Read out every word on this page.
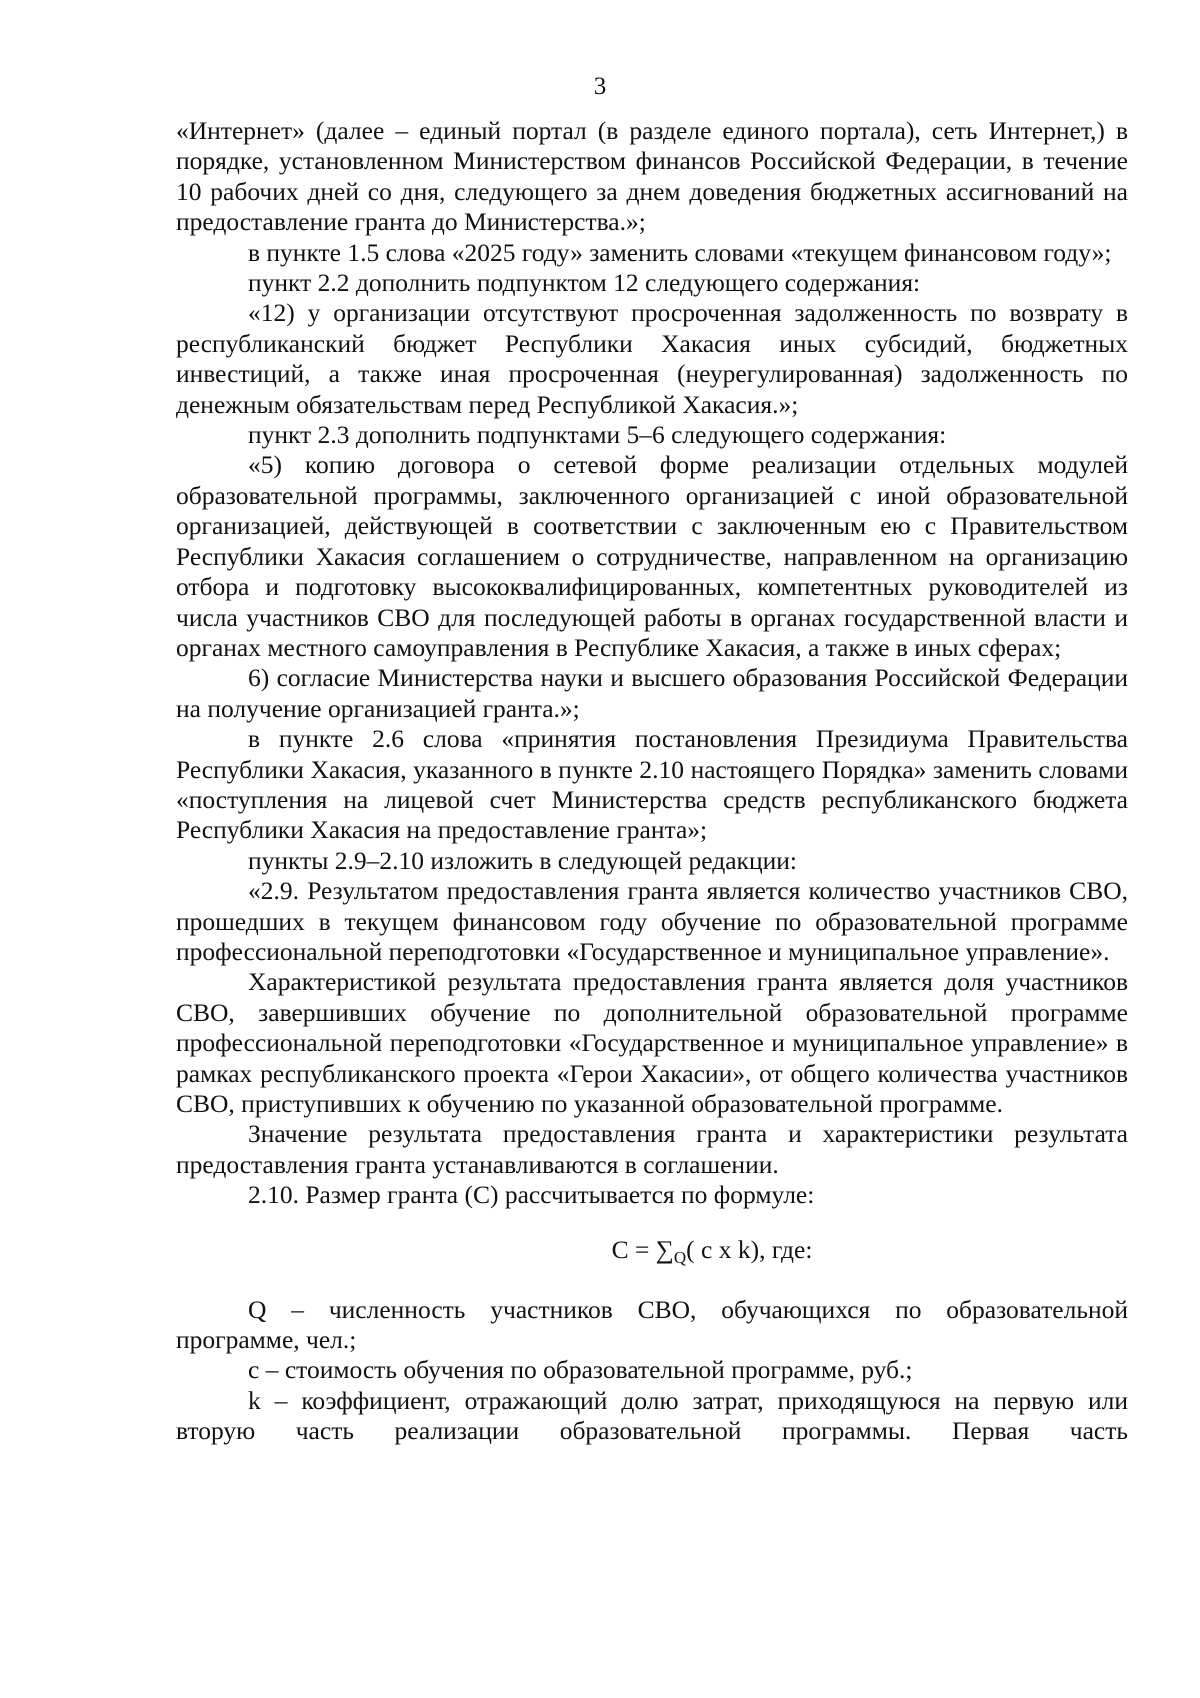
3

«Интернет» (далее – единый портал (в разделе единого портала), сеть Интернет,) в порядке, установленном Министерством финансов Российской Федерации, в течение 10 рабочих дней со дня, следующего за днем доведения бюджетных ассигнований на предоставление гранта до Министерства.»;

в пункте 1.5 слова «2025 году» заменить словами «текущем финансовом году»;

пункт 2.2 дополнить подпунктом 12 следующего содержания:

«12) у организации отсутствуют просроченная задолженность по возврату в республиканский бюджет Республики Хакасия иных субсидий, бюджетных инвестиций, а также иная просроченная (неурегулированная) задолженность по денежным обязательствам перед Республикой Хакасия.»;

пункт 2.3 дополнить подпунктами 5–6 следующего содержания:

«5) копию договора о сетевой форме реализации отдельных модулей образовательной программы, заключенного организацией с иной образовательной организацией, действующей в соответствии с заключенным ею с Правительством Республики Хакасия соглашением о сотрудничестве, направленном на организацию отбора и подготовку высококвалифицированных, компетентных руководителей из числа участников СВО для последующей работы в органах государственной власти и органах местного самоуправления в Республике Хакасия, а также в иных сферах;

6) согласие Министерства науки и высшего образования Российской Федерации на получение организацией гранта.»;

в пункте 2.6 слова «принятия постановления Президиума Правительства Республики Хакасия, указанного в пункте 2.10 настоящего Порядка» заменить словами «поступления на лицевой счет Министерства средств республиканского бюджета Республики Хакасия на предоставление гранта»;

пункты 2.9–2.10 изложить в следующей редакции:

«2.9. Результатом предоставления гранта является количество участников СВО, прошедших в текущем финансовом году обучение по образовательной программе профессиональной переподготовки «Государственное и муниципальное управление».

Характеристикой результата предоставления гранта является доля участников СВО, завершивших обучение по дополнительной образовательной программе профессиональной переподготовки «Государственное и муниципальное управление» в рамках республиканского проекта «Герои Хакасии», от общего количества участников СВО, приступивших к обучению по указанной образовательной программе.

Значение результата предоставления гранта и характеристики результата предоставления гранта устанавливаются в соглашении.

2.10. Размер гранта (С) рассчитывается по формуле:

$С = \sum_Q$( c x k), где:

Q – численность участников СВО, обучающихся по образовательной программе, чел.;

c – стоимость обучения по образовательной программе, руб.;

k – коэффициент, отражающий долю затрат, приходящуюся на первую или вторую часть реализации образовательной программы. Первая часть
